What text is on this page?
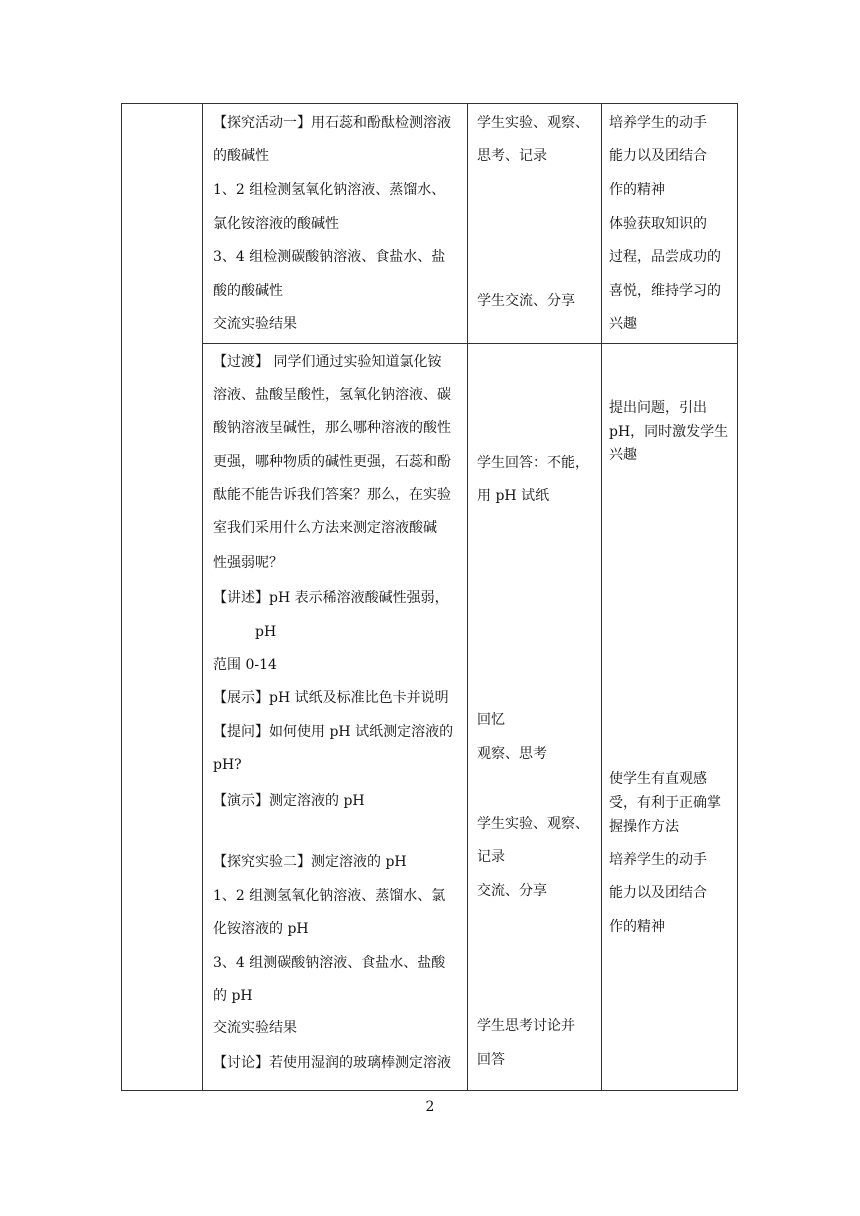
【探究活动一】用石蕊和酚酞检测溶液
的酸碱性
1、2 组检测氢氧化钠溶液、蒸馏水、
氯化铵溶液的酸碱性
3、4 组检测碳酸钠溶液、食盐水、盐
酸的酸碱性
交流实验结果
学生实验、观察、
思考、记录
学生交流、分享
培养学生的动手
能力以及团结合
作的精神
体验获取知识的
过程，品尝成功的
喜悦，维持学习的
兴趣
【过渡】 同学们通过实验知道氯化铵
溶液、盐酸呈酸性，氢氧化钠溶液、碳
酸钠溶液呈碱性，那么哪种溶液的酸性
更强，哪种物质的碱性更强，石蕊和酚
酞能不能告诉我们答案？那么，在实验
室我们采用什么方法来测定溶液酸碱
性强弱呢？
【讲述】pH 表示稀溶液酸碱性强弱，
pH
范围 0-14
【展示】pH 试纸及标准比色卡并说明
【提问】如何使用 pH 试纸测定溶液的
pH?
【演示】测定溶液的 pH
【探究实验二】测定溶液的 pH
1、2 组测氢氧化钠溶液、蒸馏水、氯
化铵溶液的 pH
3、4 组测碳酸钠溶液、食盐水、盐酸
的 pH
交流实验结果
【讨论】若使用湿润的玻璃棒测定溶液
学生回答：不能，
用 pH 试纸
回忆
观察、思考
学生实验、观察、
记录
交流、分享
学生思考讨论并
回答
提出问题，引出
pH，同时激发学生
兴趣
使学生有直观感
受，有利于正确掌
握操作方法
培养学生的动手
能力以及团结合
作的精神
2
